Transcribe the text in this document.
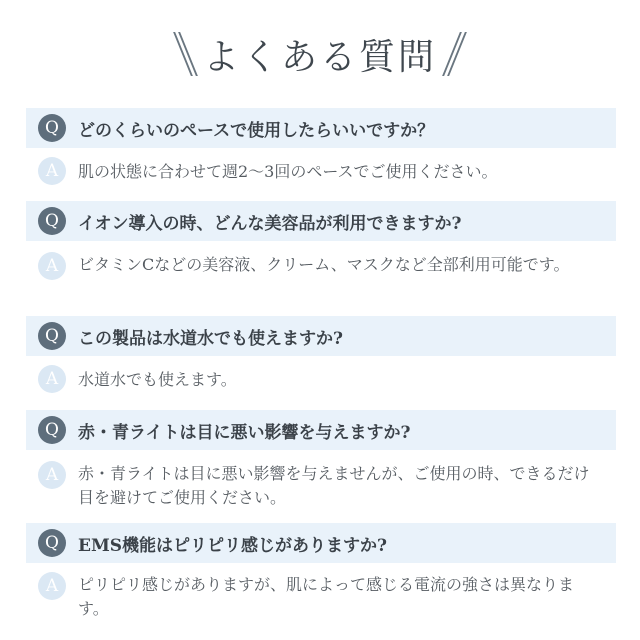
よくある質問
Q	どのくらいのペースで使用したらいいですか？
A	肌の状態に合わせて週2〜3回のペースでご使用ください。
Q	イオン導入の時、どんな美容品が利用できますか?
A	ビタミンCなどの美容液、クリーム、マスクなど全部利用可能です。
Q	この製品は水道水でも使えますか?
A	水道水でも使えます。
Q	赤・青ライトは目に悪い影響を与えますか?
A	赤・青ライトは目に悪い影響を与えませんが、ご使用の時、できるだけ目を避けてご使用ください。
Q	EMS機能はピリピリ感じがありますか?
A	ピリピリ感じがありますが、肌によって感じる電流の強さは異なります。
